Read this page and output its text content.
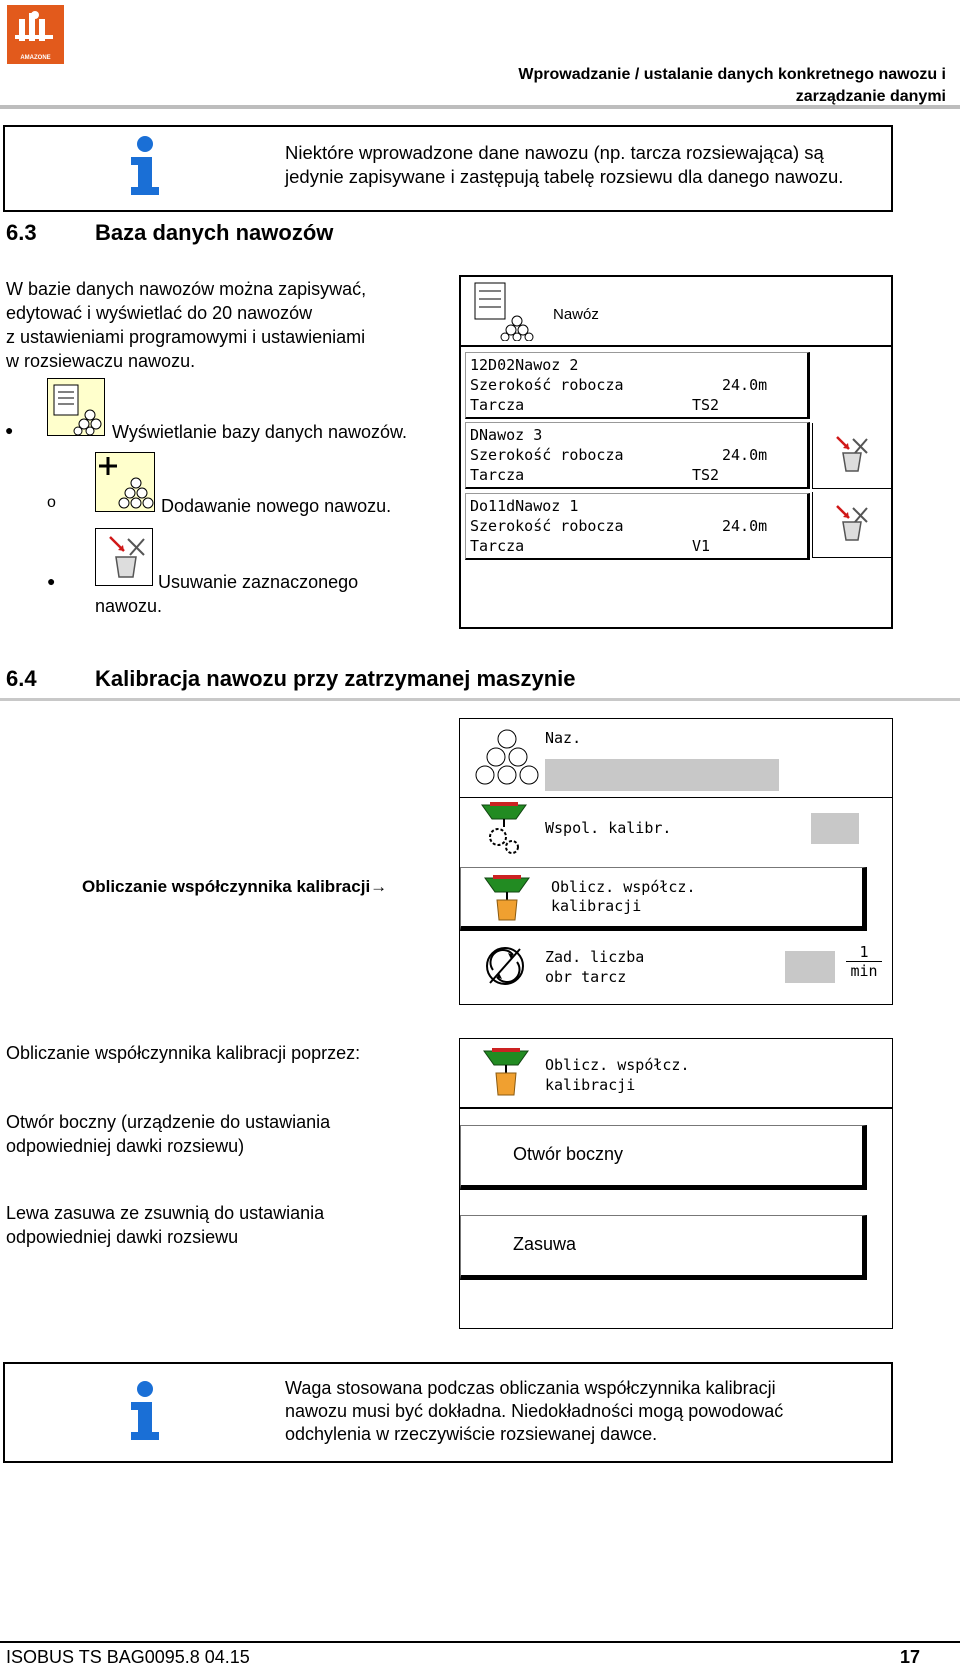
AMAZONE
Wprowadzanie / ustalanie danych konkretnego nawozu i
zarządzanie danymi
Niektóre wprowadzone dane nawozu (np. tarcza rozsiewająca) są
jedynie zapisywane i zastępują tabelę rozsiewu dla danego nawozu.
6.3	Baza danych nawozów
W bazie danych nawozów można zapisywać,
edytować i wyświetlać do 20 nawozów
z ustawieniami programowymi i ustawieniami
w rozsiewaczu nawozu.
●	Wyświetlanie bazy danych nawozów.
o	Dodawanie nowego nawozu.
●	Usuwanie zaznaczonego
nawozu.
Nawóz
12D02Nawoz 2
Szerokość robocza	24.0m
Tarcza	TS2
DNawoz 3
Szerokość robocza	24.0m
Tarcza	TS2
Do11dNawoz 1
Szerokość robocza	24.0m
Tarcza	V1
6.4	Kalibracja nawozu przy zatrzymanej maszynie
Naz.
Wspol. kalibr.
Oblicz. współcz.
kalibracji
Zad. liczba
obr tarcz
1
min
Obliczanie współczynnika kalibracji→
Obliczanie współczynnika kalibracji poprzez:
Oblicz. współcz.
kalibracji
Otwór boczny
Zasuwa
Otwór boczny (urządzenie do ustawiania
odpowiedniej dawki rozsiewu)
Lewa zasuwa ze zsuwnią do ustawiania
odpowiedniej dawki rozsiewu
Waga stosowana podczas obliczania współczynnika kalibracji
nawozu musi być dokładna. Niedokładności mogą powodować
odchylenia w rzeczywiście rozsiewanej dawce.
ISOBUS TS BAG0095.8 04.15	17
